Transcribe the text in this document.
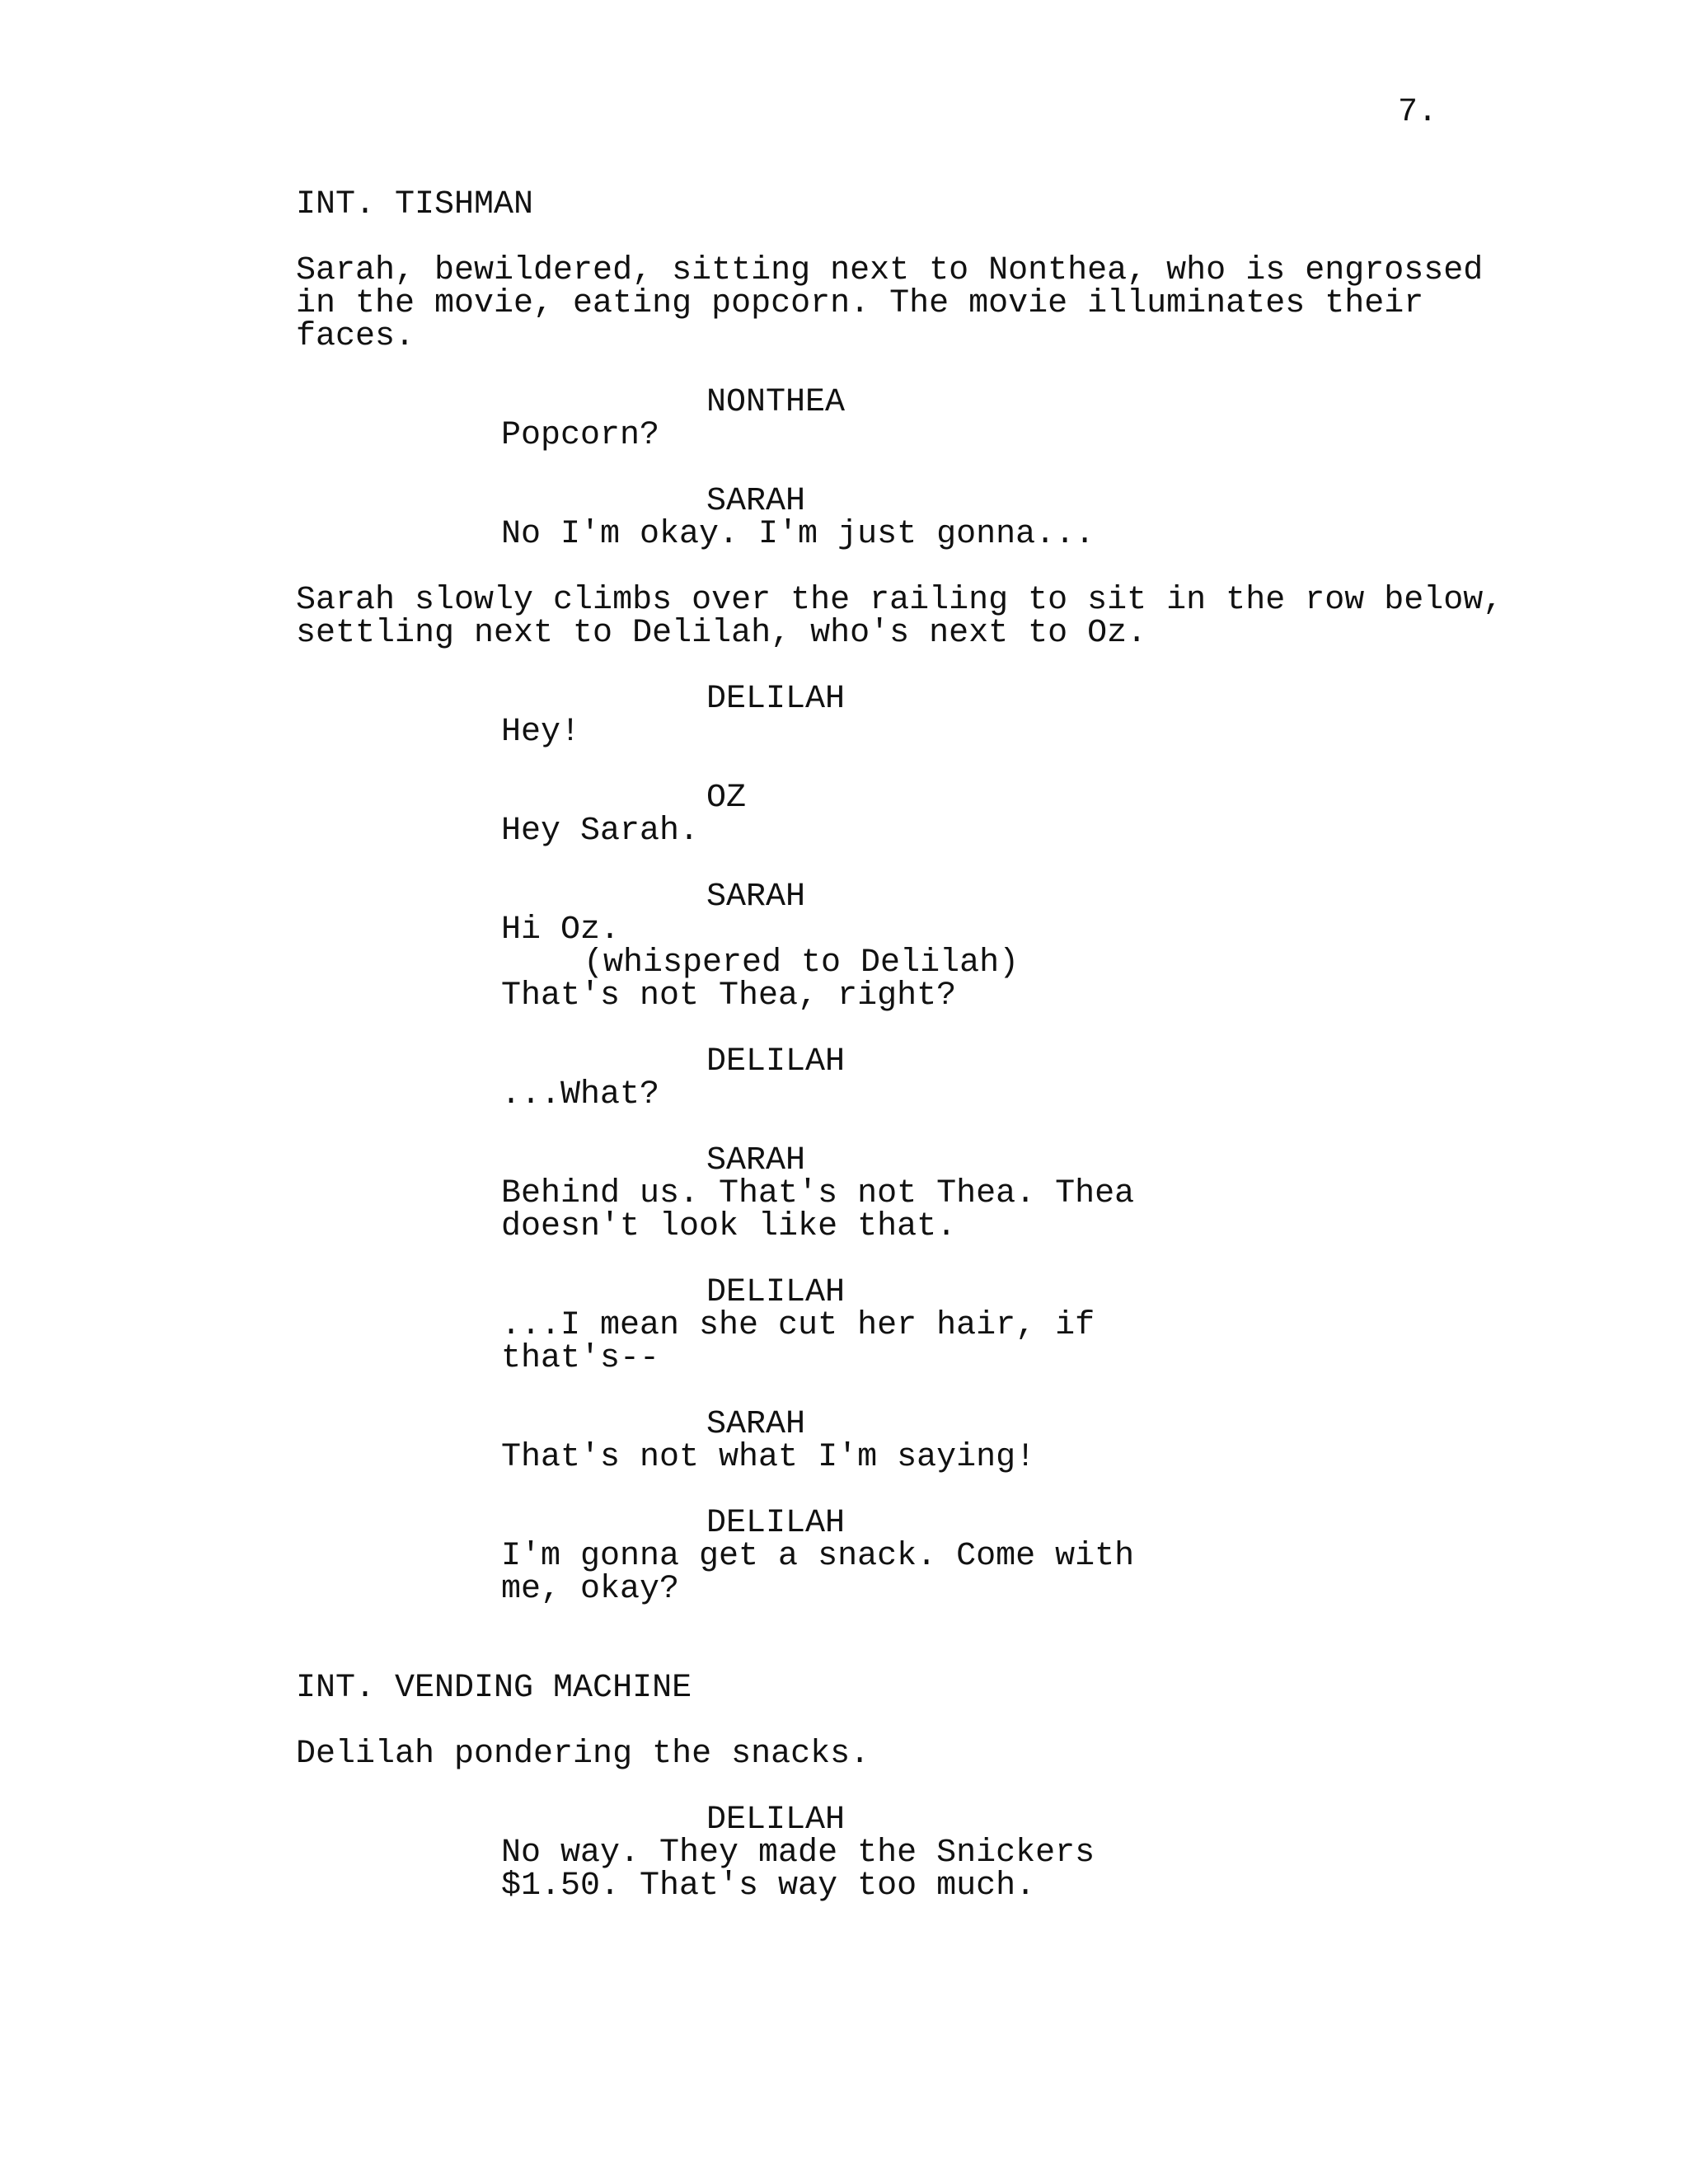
7.
INT. TISHMAN
Sarah, bewildered, sitting next to Nonthea, who is engrossed
in the movie, eating popcorn. The movie illuminates their
faces.
NONTHEA
Popcorn?
SARAH
No I'm okay. I'm just gonna...
Sarah slowly climbs over the railing to sit in the row below,
settling next to Delilah, who's next to Oz.
DELILAH
Hey!
OZ
Hey Sarah.
SARAH
Hi Oz.
(whispered to Delilah)
That's not Thea, right?
DELILAH
...What?
SARAH
Behind us. That's not Thea. Thea
doesn't look like that.
DELILAH
...I mean she cut her hair, if
that's--
SARAH
That's not what I'm saying!
DELILAH
I'm gonna get a snack. Come with
me, okay?
INT. VENDING MACHINE
Delilah pondering the snacks.
DELILAH
No way. They made the Snickers
$1.50. That's way too much.
